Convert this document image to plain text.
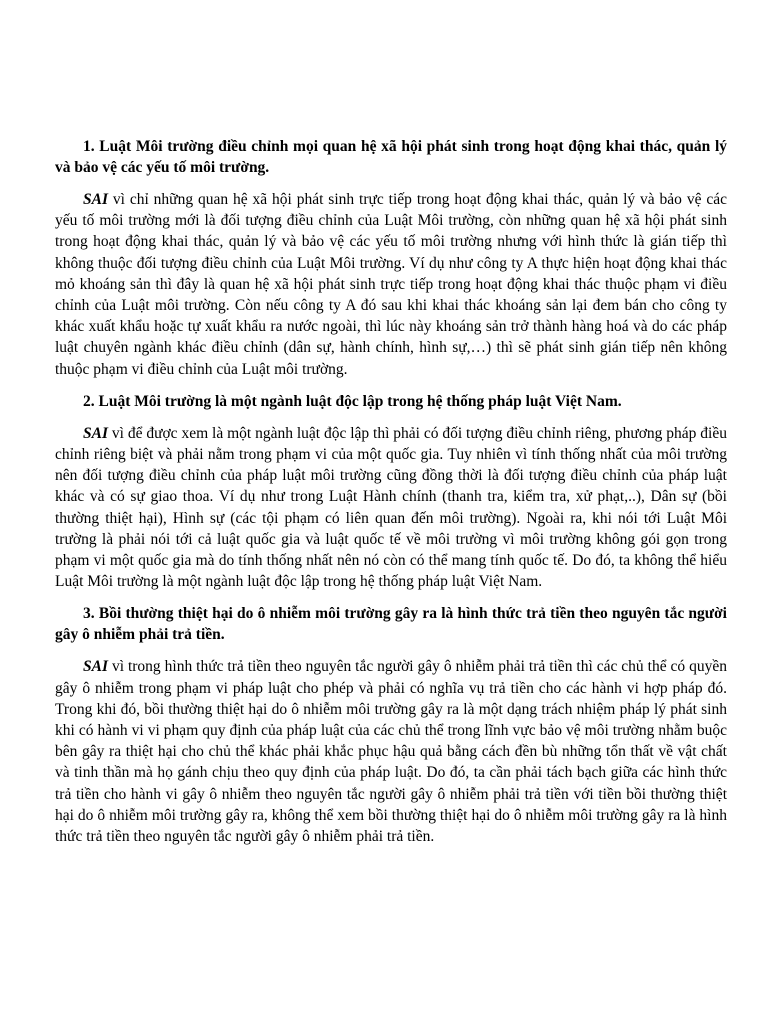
1. Luật Môi trường điều chỉnh mọi quan hệ xã hội phát sinh trong hoạt động khai thác, quản lý và bảo vệ các yếu tố môi trường.

SAI vì chỉ những quan hệ xã hội phát sinh trực tiếp trong hoạt động khai thác, quản lý và bảo vệ các yếu tố môi trường mới là đối tượng điều chỉnh của Luật Môi trường, còn những quan hệ xã hội phát sinh trong hoạt động khai thác, quản lý và bảo vệ các yếu tố môi trường nhưng với hình thức là gián tiếp thì không thuộc đối tượng điều chỉnh của Luật Môi trường. Ví dụ như công ty A thực hiện hoạt động khai thác mỏ khoáng sản thì đây là quan hệ xã hội phát sinh trực tiếp trong hoạt động khai thác thuộc phạm vi điều chỉnh của Luật môi trường. Còn nếu công ty A đó sau khi khai thác khoáng sản lại đem bán cho công ty khác xuất khẩu hoặc tự xuất khẩu ra nước ngoài, thì lúc này khoáng sản trở thành hàng hoá và do các pháp luật chuyên ngành khác điều chỉnh (dân sự, hành chính, hình sự,…) thì sẽ phát sinh gián tiếp nên không thuộc phạm vi điều chỉnh của Luật môi trường.

2. Luật Môi trường là một ngành luật độc lập trong hệ thống pháp luật Việt Nam.

SAI vì để được xem là một ngành luật độc lập thì phải có đối tượng điều chỉnh riêng, phương pháp điều chỉnh riêng biệt và phải nằm trong phạm vi của một quốc gia. Tuy nhiên vì tính thống nhất của môi trường nên đối tượng điều chỉnh của pháp luật môi trường cũng đồng thời là đối tượng điều chỉnh của pháp luật khác và có sự giao thoa. Ví dụ như trong Luật Hành chính (thanh tra, kiểm tra, xử phạt,..), Dân sự (bồi thường thiệt hại), Hình sự (các tội phạm có liên quan đến môi trường). Ngoài ra, khi nói tới Luật Môi trường là phải nói tới cả luật quốc gia và luật quốc tế về môi trường vì môi trường không gói gọn trong phạm vi một quốc gia mà do tính thống nhất nên nó còn có thể mang tính quốc tế. Do đó, ta không thể hiểu Luật Môi trường là một ngành luật độc lập trong hệ thống pháp luật Việt Nam.

3. Bồi thường thiệt hại do ô nhiễm môi trường gây ra là hình thức trả tiền theo nguyên tắc người gây ô nhiễm phải trả tiền.

SAI vì trong hình thức trả tiền theo nguyên tắc người gây ô nhiễm phải trả tiền thì các chủ thể có quyền gây ô nhiễm trong phạm vi pháp luật cho phép và phải có nghĩa vụ trả tiền cho các hành vi hợp pháp đó. Trong khi đó, bồi thường thiệt hại do ô nhiễm môi trường gây ra là một dạng trách nhiệm pháp lý phát sinh khi có hành vi vi phạm quy định của pháp luật của các chủ thể trong lĩnh vực bảo vệ môi trường nhằm buộc bên gây ra thiệt hại cho chủ thể khác phải khắc phục hậu quả bằng cách đền bù những tổn thất về vật chất và tinh thần mà họ gánh chịu theo quy định của pháp luật. Do đó, ta cần phải tách bạch giữa các hình thức trả tiền cho hành vi gây ô nhiễm theo nguyên tắc người gây ô nhiễm phải trả tiền với tiền bồi thường thiệt hại do ô nhiễm môi trường gây ra, không thể xem bồi thường thiệt hại do ô nhiễm môi trường gây ra là hình thức trả tiền theo nguyên tắc người gây ô nhiễm phải trả tiền.
